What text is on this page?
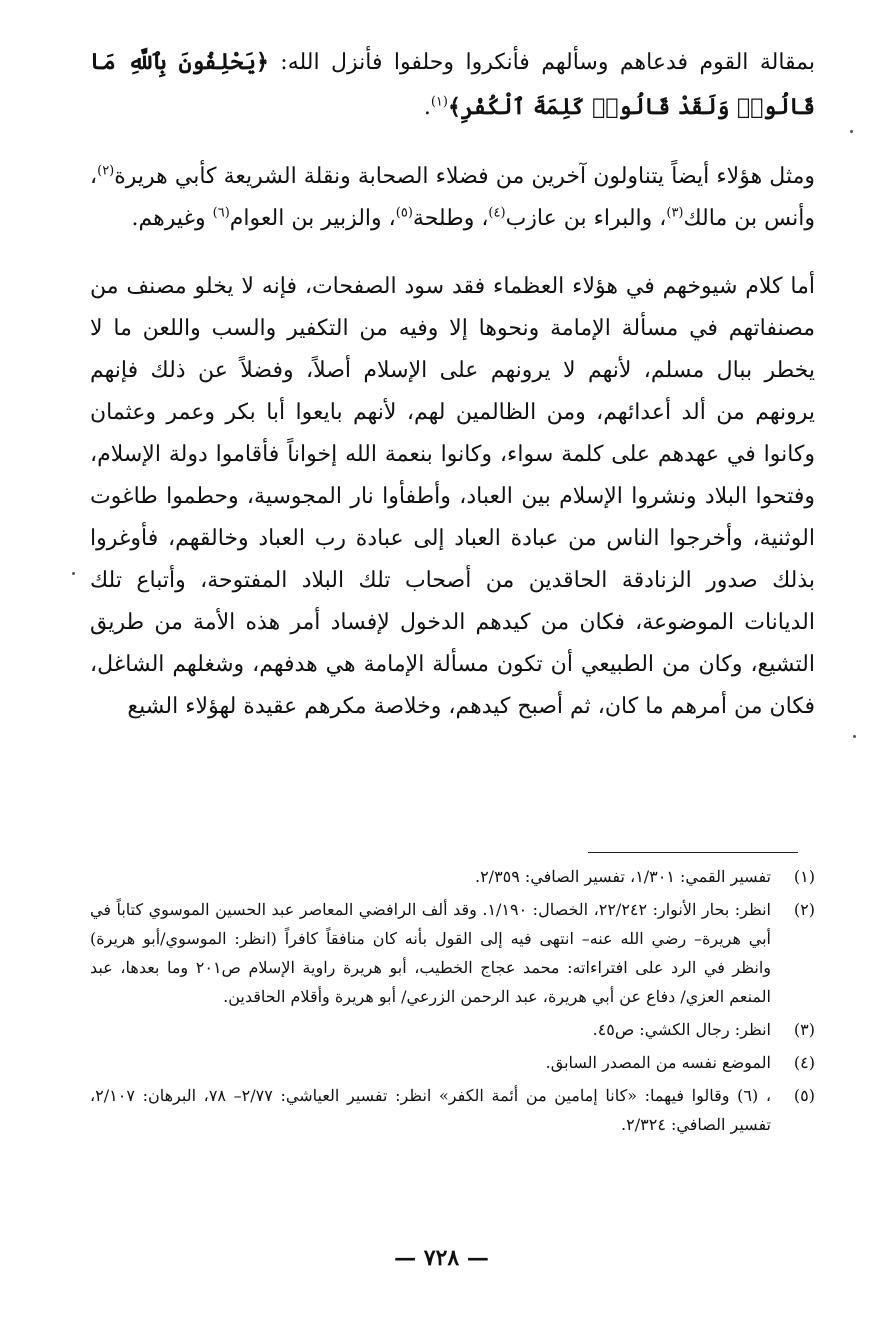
بمقالة القوم فدعاهم وسألهم فأنكروا وحلفوا فأنزل الله: ﴿يَحْلِفُونَ بِٱللَّهِ مَا قَالُوا۟ وَلَقَدْ قَالُوا۟ كَلِمَةَ ٱلْكُفْرِ﴾$^{(١)}$.

ومثل هؤلاء أيضاً يتناولون آخرين من فضلاء الصحابة ونقلة الشريعة كأبي هريرة$^{(٢)}$، وأنس بن مالك$^{(٣)}$، والبراء بن عازب$^{(٤)}$، وطلحة$^{(٥)}$، والزبير بن العوام$^{(٦)}$ وغيرهم.

أما كلام شيوخهم في هؤلاء العظماء فقد سود الصفحات، فإنه لا يخلو مصنف من مصنفاتهم في مسألة الإمامة ونحوها إلا وفيه من التكفير والسب واللعن ما لا يخطر ببال مسلم، لأنهم لا يرونهم على الإسلام أصلاً، وفضلاً عن ذلك فإنهم يرونهم من ألد أعدائهم، ومن الظالمين لهم، لأنهم بايعوا أبا بكر وعمر وعثمان وكانوا في عهدهم على كلمة سواء، وكانوا بنعمة الله إخواناً فأقاموا دولة الإسلام، وفتحوا البلاد ونشروا الإسلام بين العباد، وأطفأوا نار المجوسية، وحطموا طاغوت الوثنية، وأخرجوا الناس من عبادة العباد إلى عبادة رب العباد وخالقهم، فأوغروا بذلك صدور الزنادقة الحاقدين من أصحاب تلك البلاد المفتوحة، وأتباع تلك الديانات الموضوعة، فكان من كيدهم الدخول لإفساد أمر هذه الأمة من طريق التشيع، وكان من الطبيعي أن تكون مسألة الإمامة هي هدفهم، وشغلهم الشاغل، فكان من أمرهم ما كان، ثم أصبح كيدهم، وخلاصة مكرهم عقيدة لهؤلاء الشيع

(١)
تفسير القمي: ١/٣٠١، تفسير الصافي: ٢/٣٥٩.
(٢)
انظر: بحار الأنوار: ٢٢/٢٤٢، الخصال: ١/١٩٠. وقد ألف الرافضي المعاصر عبد الحسين الموسوي كتاباً في أبي هريرة– رضي الله عنه– انتهى فيه إلى القول بأنه كان منافقاً كافراً (انظر: الموسوي/أبو هريرة) وانظر في الرد على افتراءاته: محمد عجاج الخطيب، أبو هريرة راوية الإسلام ص٢٠١ وما بعدها، عبد المنعم العزي/ دفاع عن أبي هريرة، عبد الرحمن الزرعي/ أبو هريرة وأقلام الحاقدين.
(٣)
انظر: رجال الكشي: ص٤٥.
(٤)
الموضع نفسه من المصدر السابق.
(٥)
، (٦) وقالوا فيهما: «كانا إمامين من أئمة الكفر» انظر: تفسير العياشي: ٢/٧٧– ٧٨، البرهان: ٢/١٠٧، تفسير الصافي: ٢/٣٢٤.
— ٧٢٨ —
